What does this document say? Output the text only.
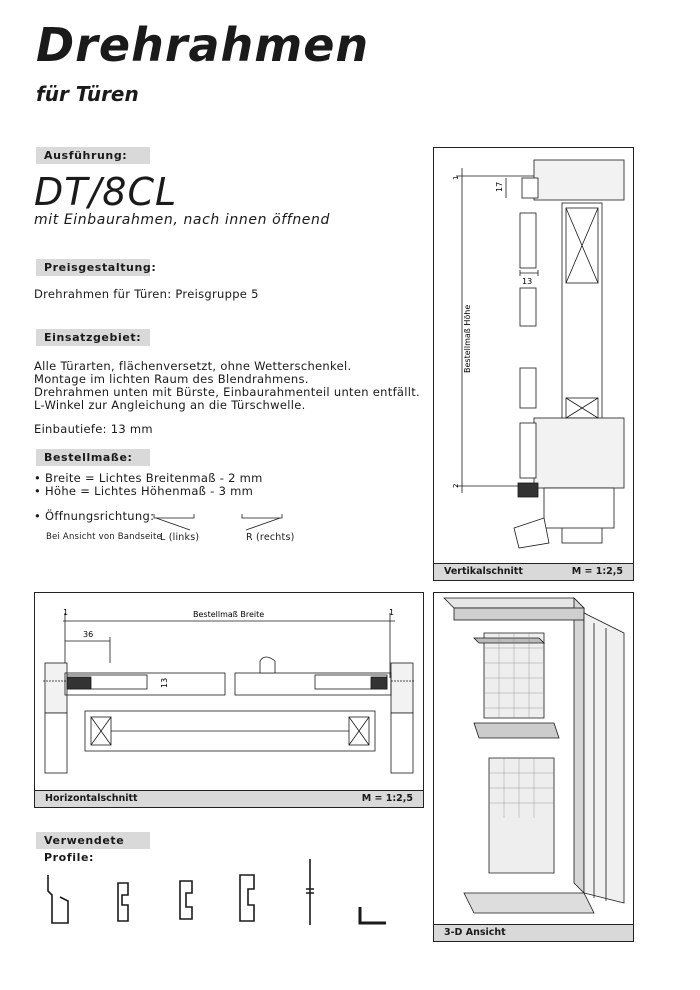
Drehrahmen
für Türen
Ausführung:
DT/8CL
mit Einbaurahmen, nach innen öffnend
Preisgestaltung:
Drehrahmen für Türen: Preisgruppe 5
Einsatzgebiet:
Alle Türarten, flächenversetzt, ohne Wetterschenkel.
Montage im lichten Raum des Blendrahmens.
Drehrahmen unten mit Bürste, Einbaurahmenteil unten entfällt.
L-Winkel zur Angleichung an die Türschwelle.
Einbautiefe: 13 mm
Bestellmaße:
• Breite = Lichtes Breitenmaß - 2 mm
• Höhe = Lichtes Höhenmaß - 3 mm
• Öffnungsrichtung:
Bei Ansicht von Bandseite
L (links)	R (rechts)
1
17
13
2
Bestellmaß Höhe
Vertikalschnitt	M = 1:2,5
1	1
36
13
Bestellmaß Breite
Horizontalschnitt	M = 1:2,5
3-D Ansicht
Verwendete Profile:
